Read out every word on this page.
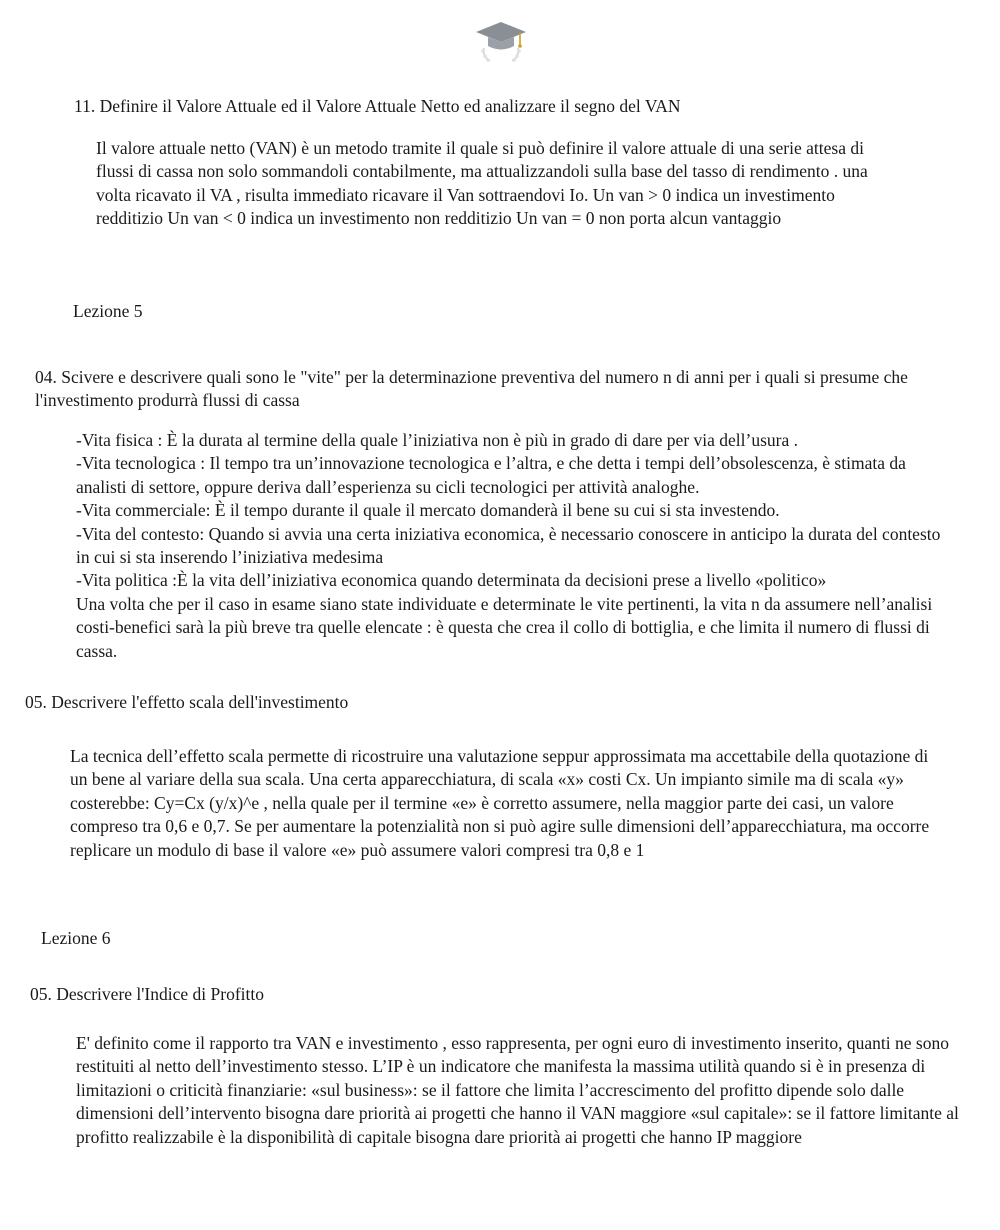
11. Definire il Valore Attuale ed il Valore Attuale Netto ed analizzare il segno del VAN

Il valore attuale netto (VAN) è un metodo tramite il quale si può definire il valore attuale di una serie attesa di flussi di cassa non solo sommandoli contabilmente, ma attualizzandoli sulla base del tasso di rendimento . una volta ricavato il VA , risulta immediato ricavare il Van sottraendovi Io. Un van > 0 indica un investimento redditizio Un van < 0 indica un investimento non redditizio Un van = 0 non porta alcun vantaggio

Lezione 5
04. Scivere e descrivere quali sono le "vite" per la determinazione preventiva del numero n di anni per i quali si presume che l'investimento produrrà flussi di cassa
-Vita fisica : È la durata al termine della quale l’iniziativa non è più in grado di dare per via dell’usura .
-Vita tecnologica : Il tempo tra un’innovazione tecnologica e l’altra, e che detta i tempi dell’obsolescenza, è stimata da analisti di settore, oppure deriva dall’esperienza su cicli tecnologici per attività analoghe.
-Vita commerciale: È il tempo durante il quale il mercato domanderà il bene su cui si sta investendo.
-Vita del contesto: Quando si avvia una certa iniziativa economica, è necessario conoscere in anticipo la durata del contesto in cui si sta inserendo l’iniziativa medesima
-Vita politica :È la vita dell’iniziativa economica quando determinata da decisioni prese a livello «politico»
Una volta che per il caso in esame siano state individuate e determinate le vite pertinenti, la vita n da assumere nell’analisi costi-benefici sarà la più breve tra quelle elencate : è questa che crea il collo di bottiglia, e che limita il numero di flussi di cassa.
05. Descrivere l'effetto scala dell'investimento

La tecnica dell’effetto scala permette di ricostruire una valutazione seppur approssimata ma accettabile della quotazione di un bene al variare della sua scala. Una certa apparecchiatura, di scala «x» costi Cx. Un impianto simile ma di scala «y» costerebbe: Cy=Cx (y/x)^e , nella quale per il termine «e» è corretto assumere, nella maggior parte dei casi, un valore compreso tra 0,6 e 0,7. Se per aumentare la potenzialità non si può agire sulle dimensioni dell’apparecchiatura, ma occorre replicare un modulo di base il valore «e» può assumere valori compresi tra 0,8 e 1

Lezione 6
05. Descrivere l'Indice di Profitto

E' definito come il rapporto tra VAN e investimento , esso rappresenta, per ogni euro di investimento inserito, quanti ne sono restituiti al netto dell’investimento stesso. L’IP è un indicatore che manifesta la massima utilità quando si è in presenza di limitazioni o criticità finanziarie: «sul business»: se il fattore che limita l’accrescimento del profitto dipende solo dalle dimensioni dell’intervento bisogna dare priorità ai progetti che hanno il VAN maggiore «sul capitale»: se il fattore limitante al profitto realizzabile è la disponibilità di capitale bisogna dare priorità ai progetti che hanno IP maggiore
